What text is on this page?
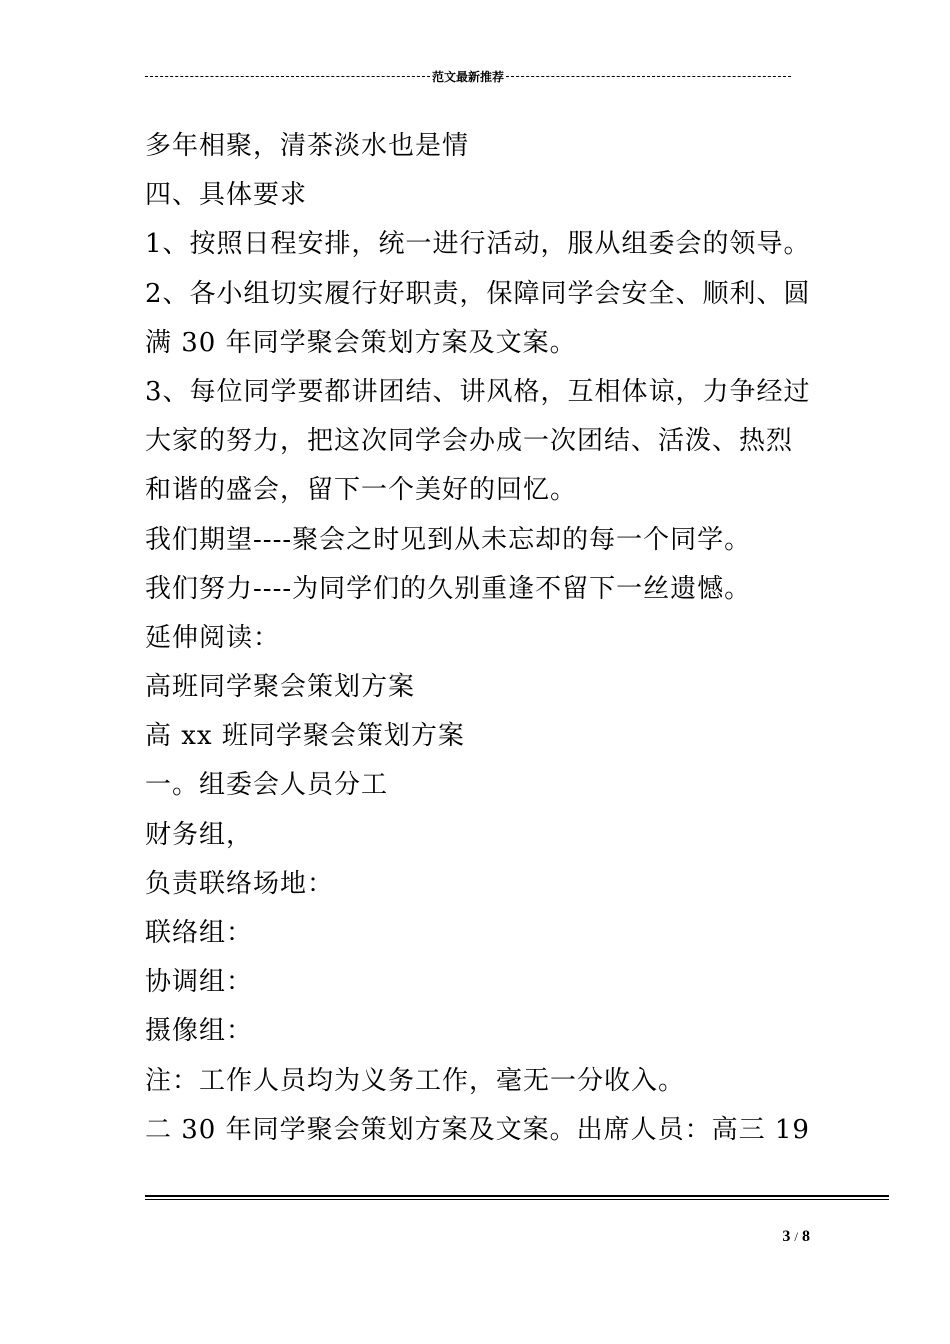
范文最新推荐
多年相聚，清茶淡水也是情
四、具体要求
1、按照日程安排，统一进行活动，服从组委会的领导。
2、各小组切实履行好职责，保障同学会安全、顺利、圆
满 30 年同学聚会策划方案及文案。
3、每位同学要都讲团结、讲风格，互相体谅，力争经过
大家的努力，把这次同学会办成一次团结、活泼、热烈
和谐的盛会，留下一个美好的回忆。
我们期望----聚会之时见到从未忘却的每一个同学。
我们努力----为同学们的久别重逢不留下一丝遗憾。
延伸阅读：
高班同学聚会策划方案
高 xx 班同学聚会策划方案
一。组委会人员分工
财务组，
负责联络场地：
联络组：
协调组：
摄像组：
注：工作人员均为义务工作，毫无一分收入。
二 30 年同学聚会策划方案及文案。出席人员：高三 19
3 / 8
